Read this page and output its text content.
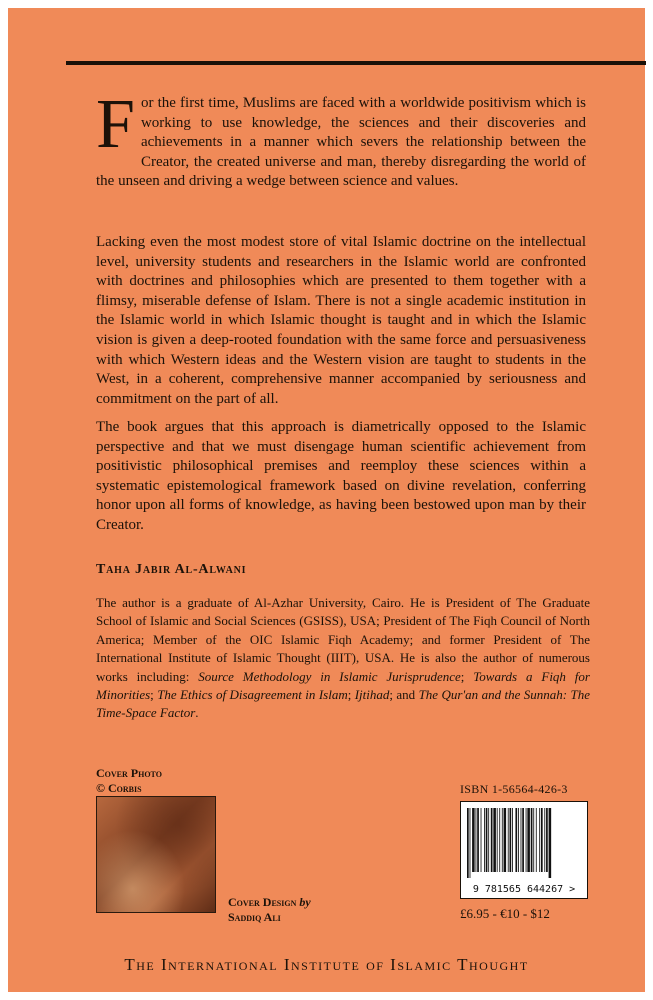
For the first time, Muslims are faced with a worldwide positivism which is working to use knowledge, the sciences and their discoveries and achievements in a manner which severs the relationship between the Creator, the created universe and man, thereby disregarding the world of the unseen and driving a wedge between science and values.

Lacking even the most modest store of vital Islamic doctrine on the intellectual level, university students and researchers in the Islamic world are confronted with doctrines and philosophies which are presented to them together with a flimsy, miserable defense of Islam. There is not a single academic institution in the Islamic world in which Islamic thought is taught and in which the Islamic vision is given a deep-rooted foundation with the same force and persuasiveness with which Western ideas and the Western vision are taught to students in the West, in a coherent, comprehensive manner accompanied by seriousness and commitment on the part of all.

The book argues that this approach is diametrically opposed to the Islamic perspective and that we must disengage human scientific achievement from positivistic philosophical premises and reemploy these sciences within a systematic epistemological framework based on divine revelation, conferring honor upon all forms of knowledge, as having been bestowed upon man by their Creator.

Taha Jabir Al-Alwani

The author is a graduate of Al-Azhar University, Cairo. He is President of The Graduate School of Islamic and Social Sciences (GSISS), USA; President of The Fiqh Council of North America; Member of the OIC Islamic Fiqh Academy; and former President of The International Institute of Islamic Thought (IIIT), USA. He is also the author of numerous works including: Source Methodology in Islamic Jurisprudence; Towards a Fiqh for Minorities; The Ethics of Disagreement in Islam; Ijtihad; and The Qur'an and the Sunnah: The Time-Space Factor.

Cover Photo
© Corbis

Cover Design by
Saddiq Ali

ISBN 1-56564-426-3

9 781565 644267 >

£6.95 - €10 - $12

The International Institute of Islamic Thought
